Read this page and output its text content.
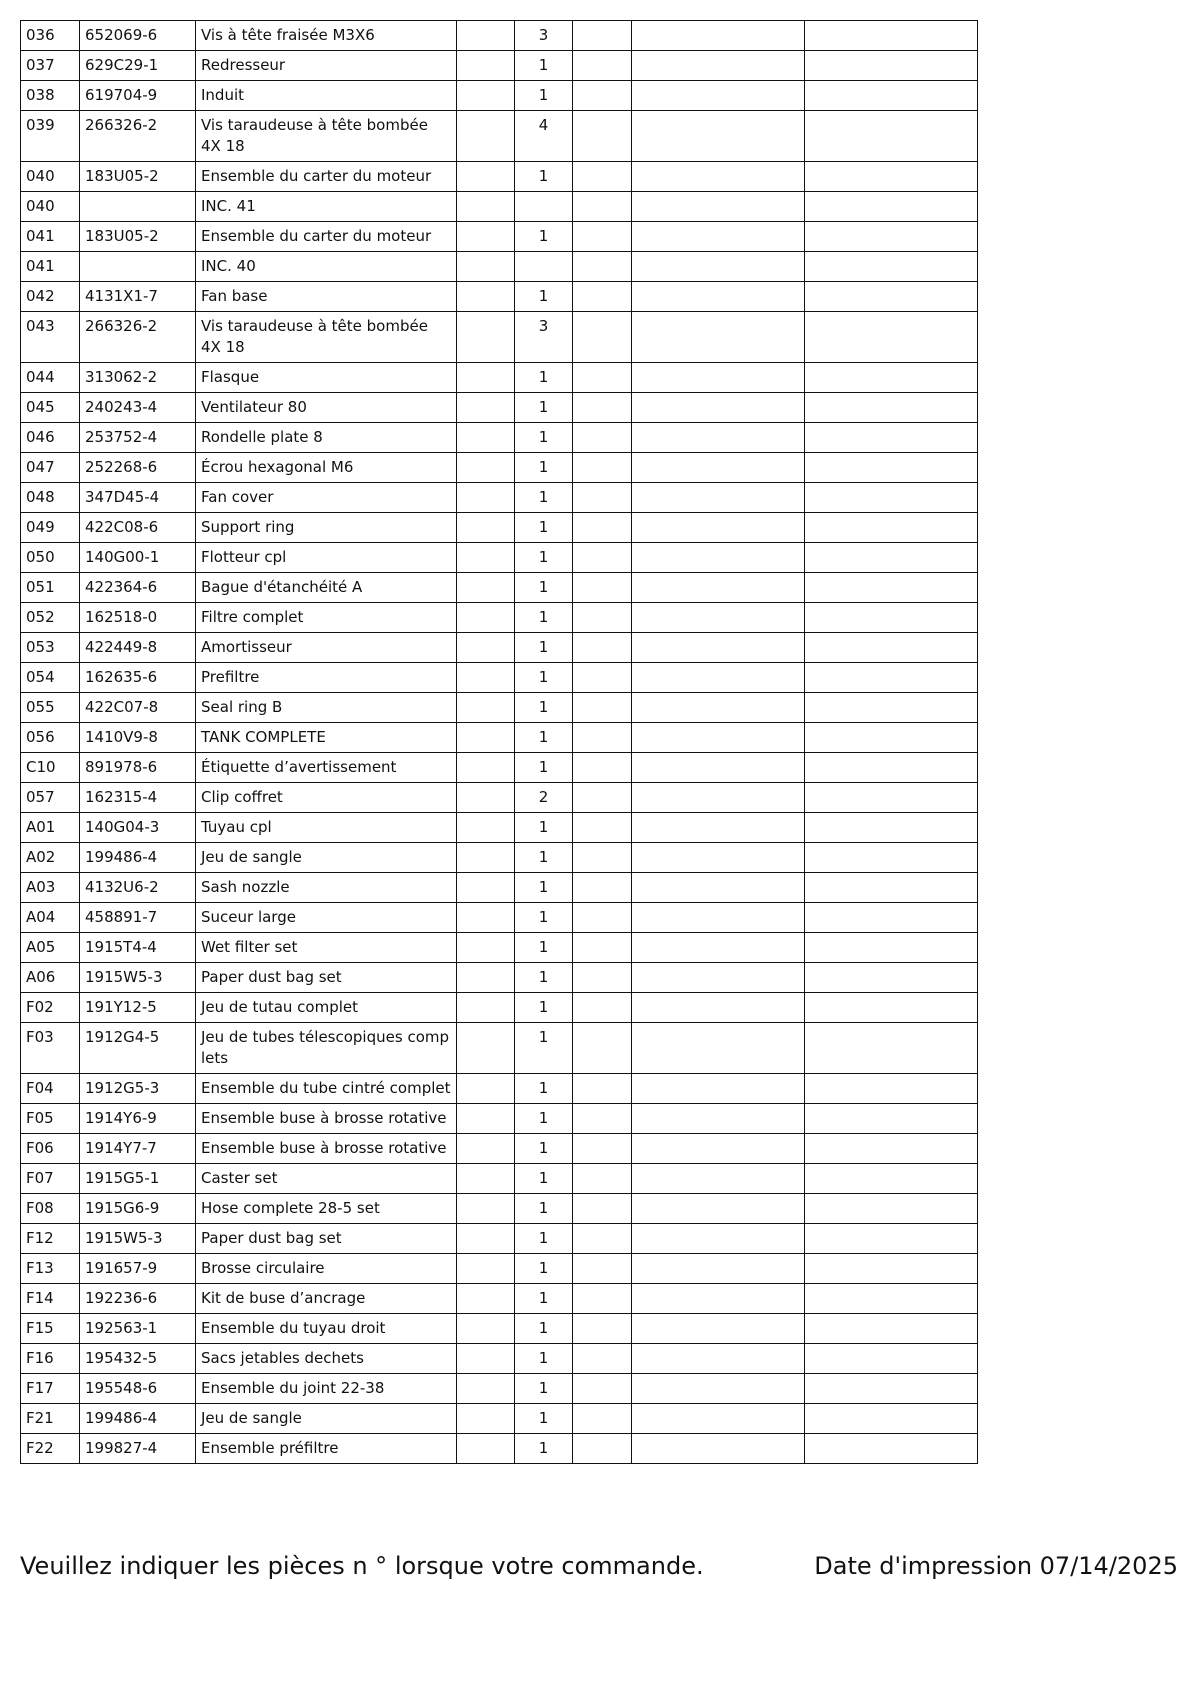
036	652069-6	Vis à tête fraisée M3X6		3			
037	629C29-1	Redresseur		1			
038	619704-9	Induit		1			
039	266326-2	Vis taraudeuse à tête bombée 4X 18		4			
040	183U05-2	Ensemble du carter du moteur		1			
040		INC. 41					
041	183U05-2	Ensemble du carter du moteur		1			
041		INC. 40					
042	4131X1-7	Fan base		1			
043	266326-2	Vis taraudeuse à tête bombée 4X 18		3			
044	313062-2	Flasque		1			
045	240243-4	Ventilateur 80		1			
046	253752-4	Rondelle plate 8		1			
047	252268-6	Écrou hexagonal M6		1			
048	347D45-4	Fan cover		1			
049	422C08-6	Support ring		1			
050	140G00-1	Flotteur cpl		1			
051	422364-6	Bague d'étanchéité A		1			
052	162518-0	Filtre complet		1			
053	422449-8	Amortisseur		1			
054	162635-6	Prefiltre		1			
055	422C07-8	Seal ring B		1			
056	1410V9-8	TANK COMPLETE		1			
C10	891978-6	Étiquette d’avertissement		1			
057	162315-4	Clip coffret		2			
A01	140G04-3	Tuyau cpl		1			
A02	199486-4	Jeu de sangle		1			
A03	4132U6-2	Sash nozzle		1			
A04	458891-7	Suceur large		1			
A05	1915T4-4	Wet filter set		1			
A06	1915W5-3	Paper dust bag set		1			
F02	191Y12-5	Jeu de tutau complet		1			
F03	1912G4-5	Jeu de tubes télescopiques comp lets		1			
F04	1912G5-3	Ensemble du tube cintré complet		1			
F05	1914Y6-9	Ensemble buse à brosse rotative		1			
F06	1914Y7-7	Ensemble buse à brosse rotative		1			
F07	1915G5-1	Caster set		1			
F08	1915G6-9	Hose complete 28-5 set		1			
F12	1915W5-3	Paper dust bag set		1			
F13	191657-9	Brosse circulaire		1			
F14	192236-6	Kit de buse d’ancrage		1			
F15	192563-1	Ensemble du tuyau droit		1			
F16	195432-5	Sacs jetables dechets		1			
F17	195548-6	Ensemble du joint 22-38		1			
F21	199486-4	Jeu de sangle		1			
F22	199827-4	Ensemble préfiltre		1			
Veuillez indiquer les pièces n ° lorsque votre commande.	Date d'impression 07/14/2025
